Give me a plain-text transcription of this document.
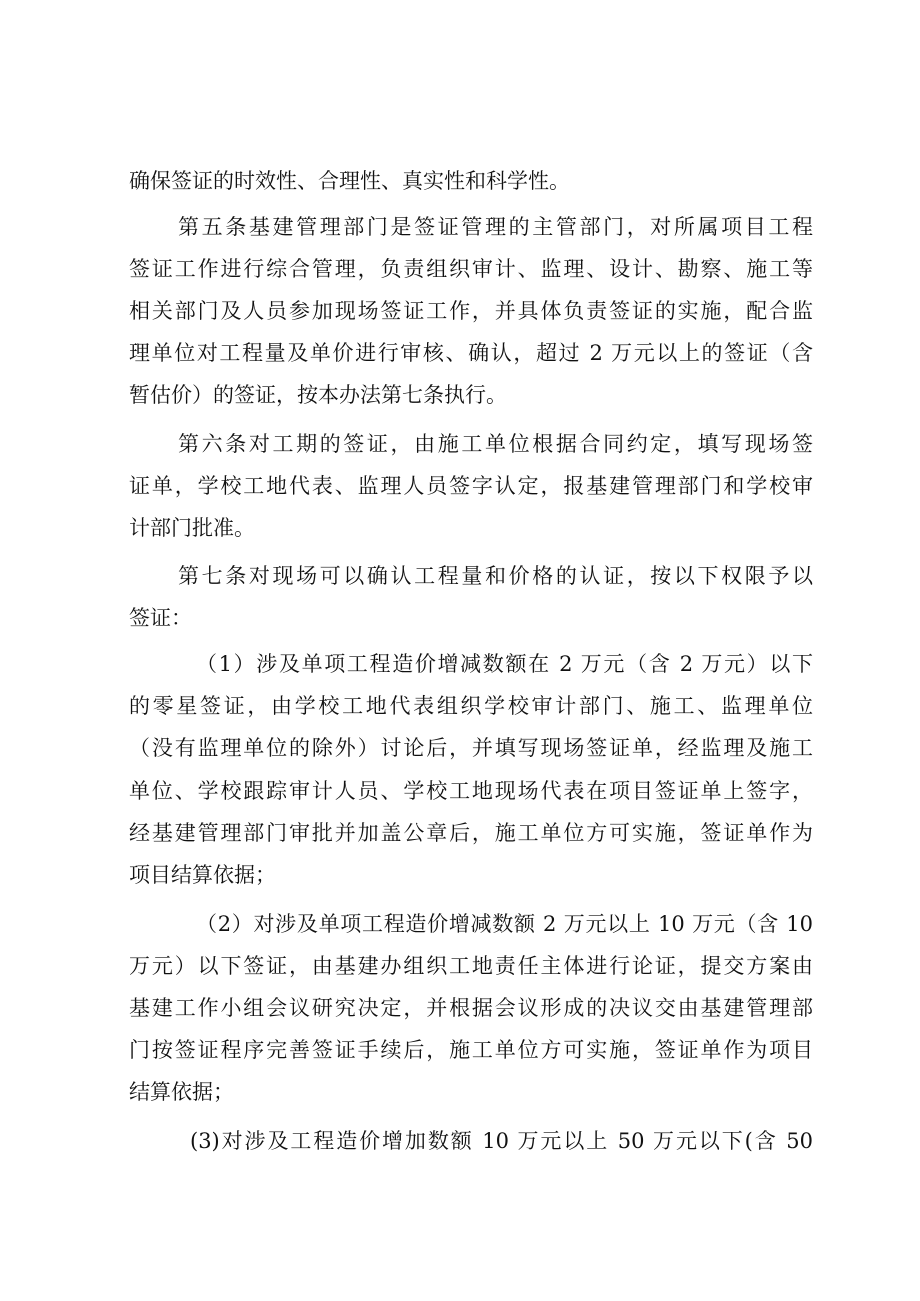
确保签证的时效性、合理性、真实性和科学性。
第五条基建管理部门是签证管理的主管部门，对所属项目工程
签证工作进行综合管理，负责组织审计、监理、设计、勘察、施工等
相关部门及人员参加现场签证工作，并具体负责签证的实施，配合监
理单位对工程量及单价进行审核、确认，超过 2 万元以上的签证（含
暂估价）的签证，按本办法第七条执行。
第六条对工期的签证，由施工单位根据合同约定，填写现场签
证单，学校工地代表、监理人员签字认定，报基建管理部门和学校审
计部门批准。
第七条对现场可以确认工程量和价格的认证，按以下权限予以
签证：
（1）涉及单项工程造价增减数额在 2 万元（含 2 万元）以下
的零星签证，由学校工地代表组织学校审计部门、施工、监理单位
（没有监理单位的除外）讨论后，并填写现场签证单，经监理及施工
单位、学校跟踪审计人员、学校工地现场代表在项目签证单上签字，
经基建管理部门审批并加盖公章后，施工单位方可实施，签证单作为
项目结算依据；
（2）对涉及单项工程造价增减数额 2 万元以上 10 万元（含 10
万元）以下签证，由基建办组织工地责任主体进行论证，提交方案由
基建工作小组会议研究决定，并根据会议形成的决议交由基建管理部
门按签证程序完善签证手续后，施工单位方可实施，签证单作为项目
结算依据；
(3)对涉及工程造价增加数额 10 万元以上 50 万元以下(含 50
